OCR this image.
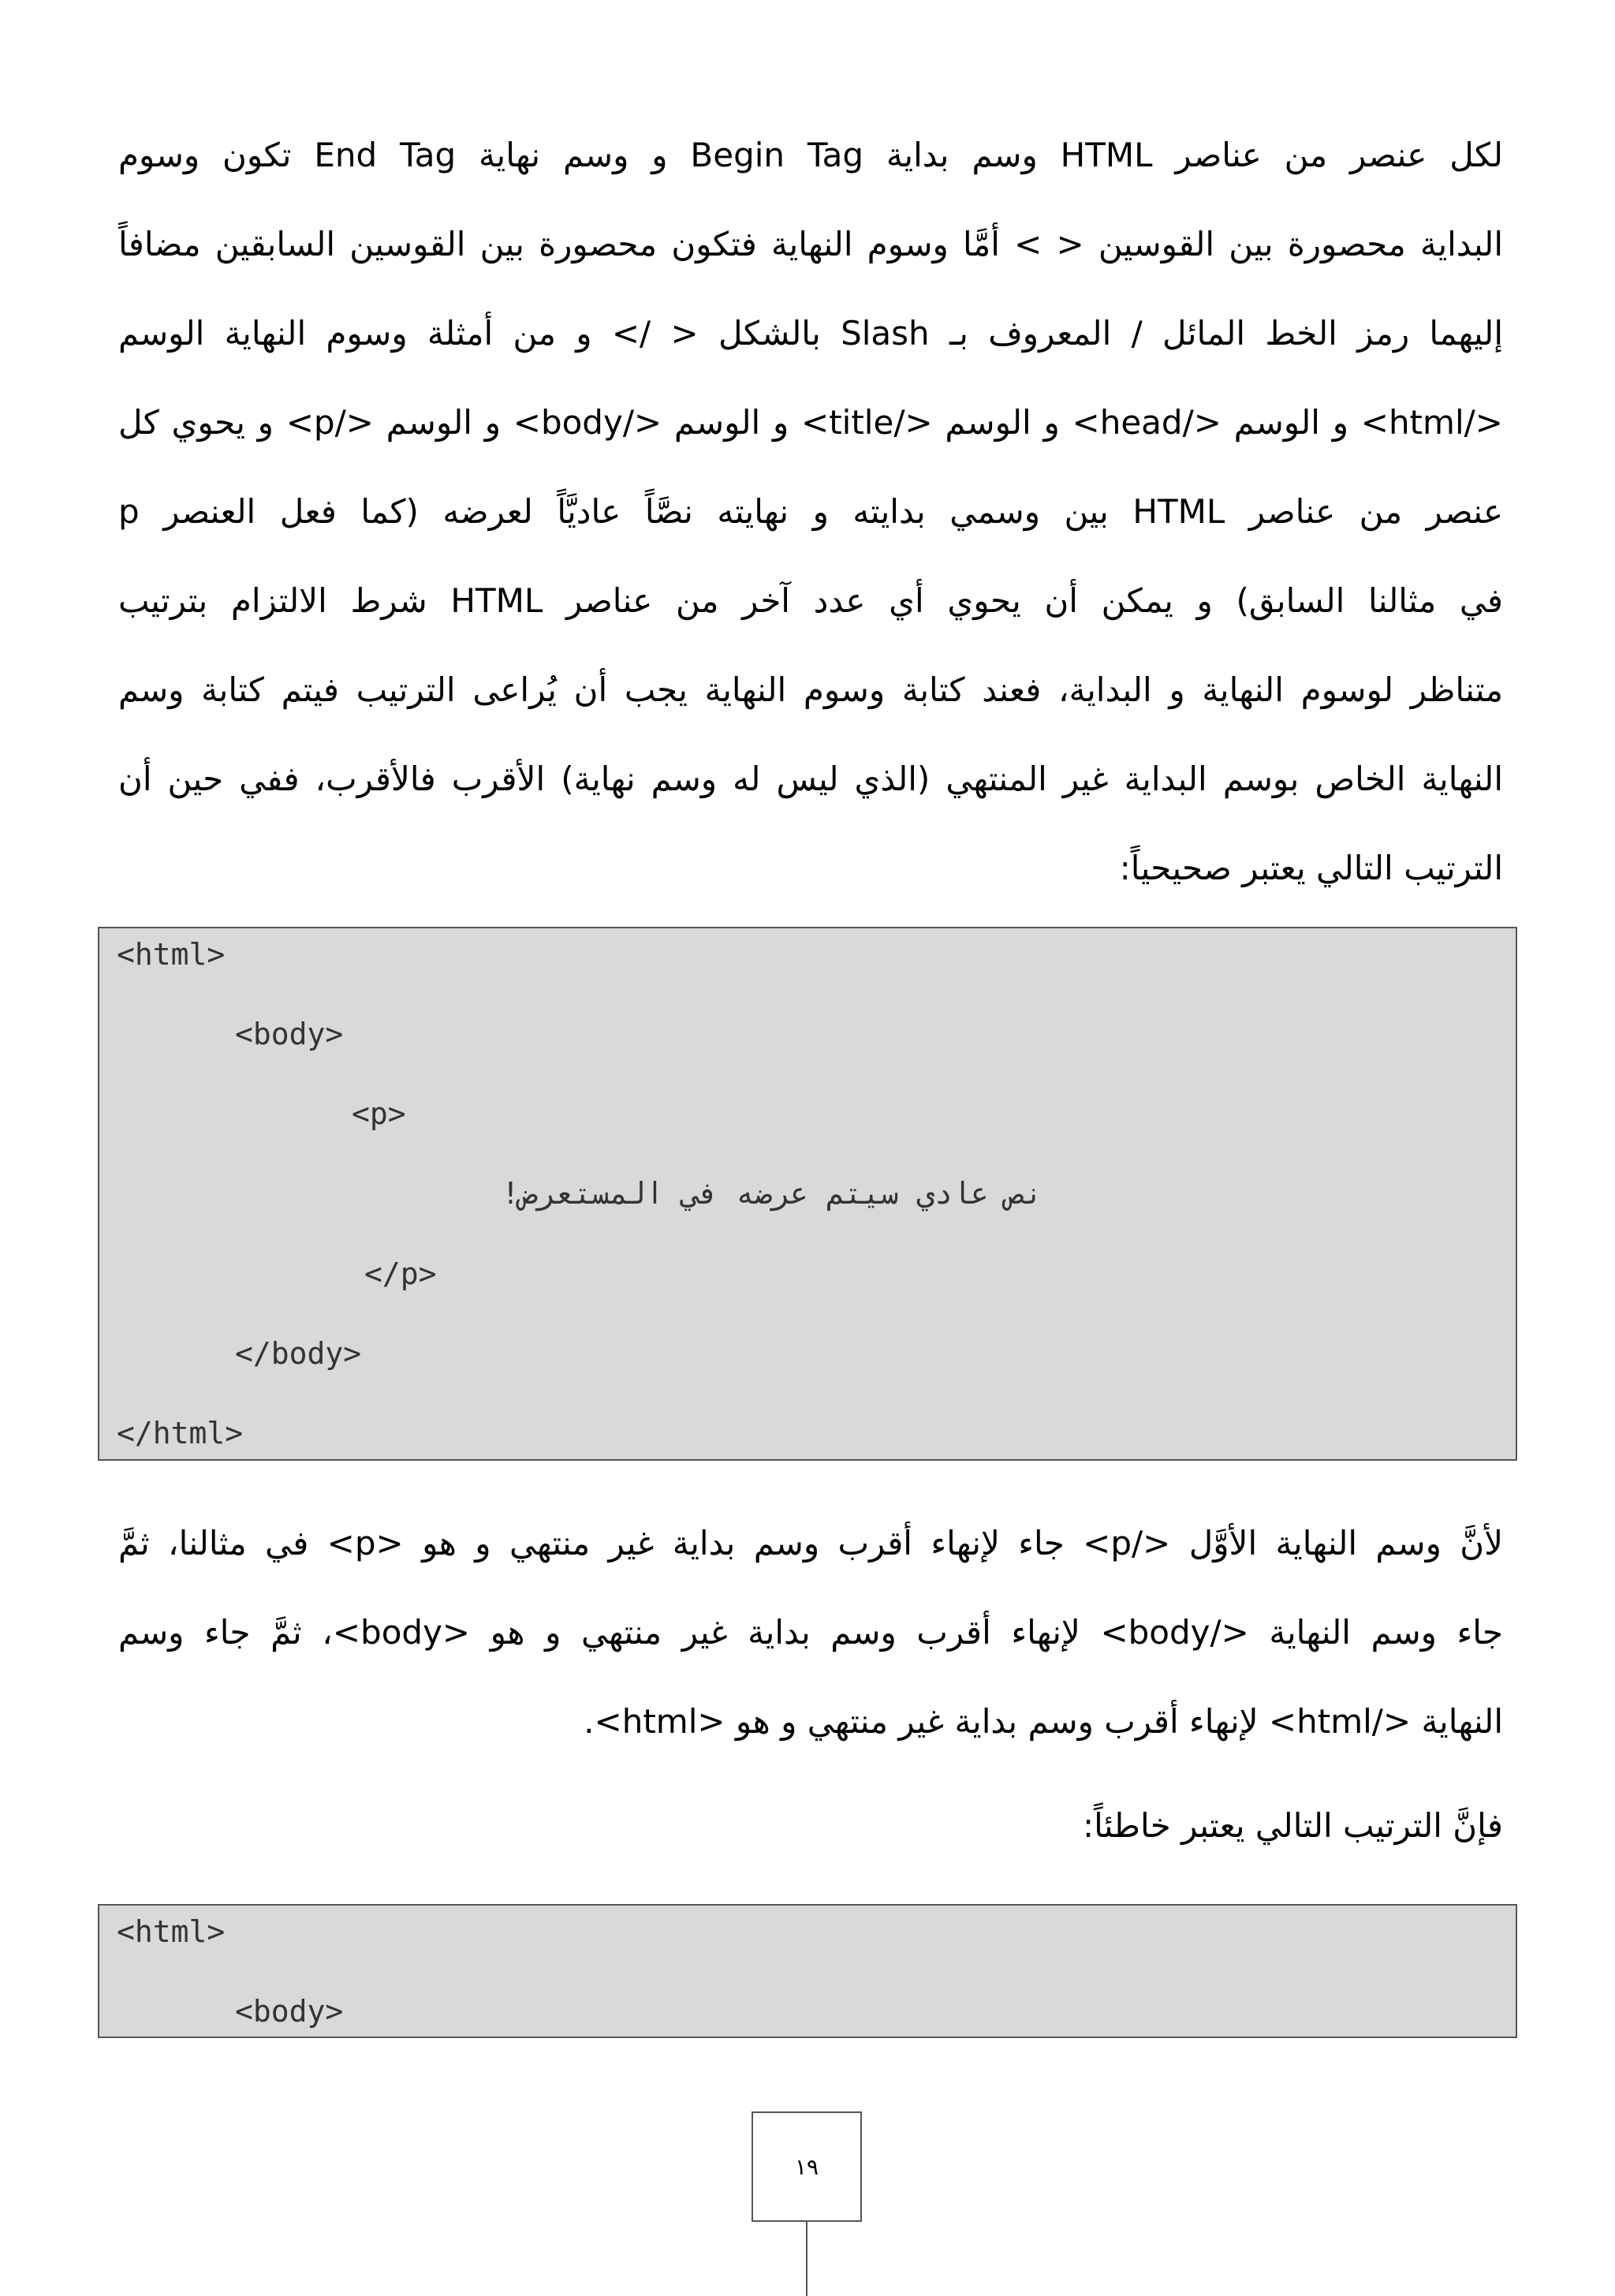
لكل عنصر من عناصر HTML وسم بداية Begin Tag و وسم نهاية End Tag تكون وسوم
البداية محصورة بين القوسين < > أمَّا وسوم النهاية فتكون محصورة بين القوسين السابقين مضافاً
إليهما رمز الخط المائل / المعروف بـ Slash بالشكل < /> و من أمثلة وسوم النهاية الوسم
</html> و الوسم </head> و الوسم </title> و الوسم </body> و الوسم </p> و يحوي كل
عنصر من عناصر HTML بين وسمي بدايته و نهايته نصَّاً عاديَّاً لعرضه (كما فعل العنصر p
في مثالنا السابق) و يمكن أن يحوي أي عدد آخر من عناصر HTML شرط الالتزام بترتيب
متناظر لوسوم النهاية و البداية، فعند كتابة وسوم النهاية يجب أن يُراعى الترتيب فيتم كتابة وسم
النهاية الخاص بوسم البداية غير المنتهي (الذي ليس له وسم نهاية) الأقرب فالأقرب، ففي حين أن
الترتيب التالي يعتبر صحيحياً:
<html>
<body>
<p>
نص عادي سيتم عرضه في المستعرض!
</p>
</body>
</html>
لأنَّ وسم النهاية الأوَّل </p> جاء لإنهاء أقرب وسم بداية غير منتهي و هو <p> في مثالنا، ثمَّ
جاء وسم النهاية </body> لإنهاء أقرب وسم بداية غير منتهي و هو <body>، ثمَّ جاء وسم
النهاية </html> لإنهاء أقرب وسم بداية غير منتهي و هو <html>.
فإنَّ الترتيب التالي يعتبر خاطئاً:
<html>
<body>
١٩
